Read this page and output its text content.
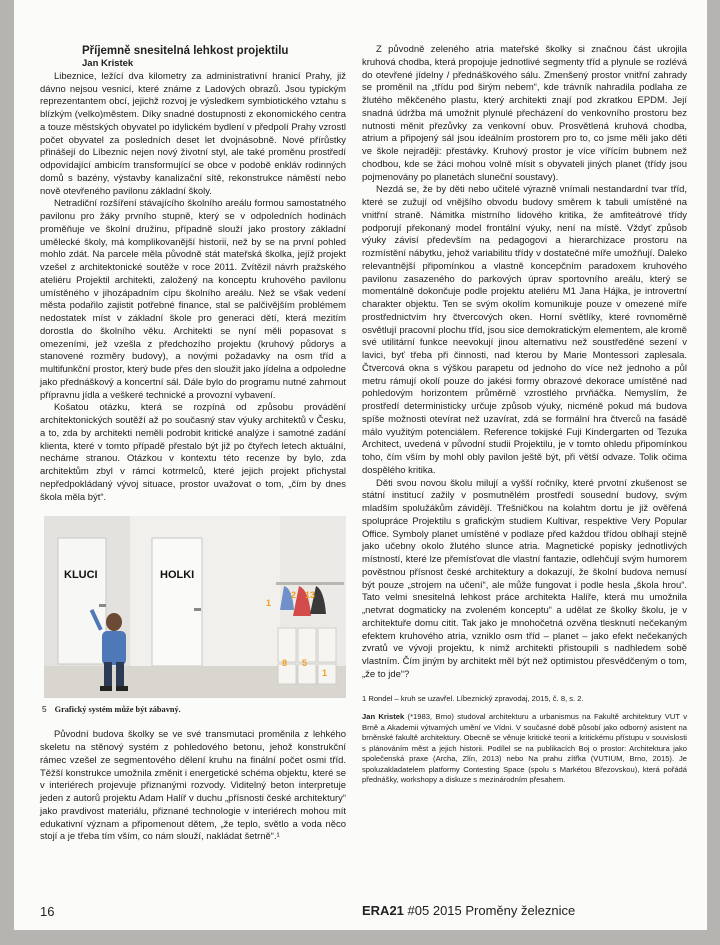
Příjemně snesitelná lehkost projektilu
Jan Kristek

Libeznice, ležící dva kilometry za administrativní hranicí Prahy, již dávno nejsou vesnicí, které známe z Ladových obrazů. Jsou typickým reprezentantem obcí, jejichž rozvoj je výsledkem symbiotického vztahu s blízkým (velko)městem. Díky snadné dostupnosti z ekonomického centra a touze městských obyvatel po idylickém bydlení v předpolí Prahy vzrostl počet obyvatel za posledních deset let dvojnásobně. Nové přírůstky přinášejí do Líbeznic nejen nový životní styl, ale také proměnu prostředí odpovídající ambicím transformující se obce v podobě enkláv rodinných domů s bazény, výstavby kanalizační sítě, rekonstrukce náměstí nebo nově otevřeného pavilonu základní školy.

Netradiční rozšíření stávajícího školního areálu formou samostatného pavilonu pro žáky prvního stupně, který se v odpoledních hodinách proměňuje ve školní družinu, případně slouží jako prostory základní umělecké školy, má komplikovanější historii, než by se na první pohled mohlo zdát. Na parcele měla původně stát mateřská školka, jejíž projekt vzešel z architektonické soutěže v roce 2011. Zvítězil návrh pražského ateliéru Projektil architekti, založený na konceptu kruhového pavilonu umístěného v jihozápadním cípu školního areálu. Než se však vedení města podařilo zajistit potřebné finance, stal se palčivějším problémem nedostatek míst v základní škole pro generaci dětí, která mezitím dorostla do školního věku. Architekti se nyní měli popasovat s omezeními, jež vzešla z předchozího projektu (kruhový půdorys a stanovené rozměry budovy), a novými požadavky na osm tříd a multifunkční prostor, který bude přes den sloužit jako jídelna a odpoledne jako přednáškový a koncertní sál. Dále bylo do programu nutné zahrnout přípravnu jídla a veškeré technické a provozní vybavení.

Košatou otázku, která se rozpíná od způsobu provádění architektonických soutěží až po současný stav výuky architektů v Česku, a to, zda by architekti neměli podrobit kritické analýze i samotné zadání klienta, které v tomto případě přestalo být již po čtyřech letech aktuální, necháme stranou. Otázkou v kontextu této recenze by bylo, zda architektům zbyl v rámci kotrmelců, které jejich projekt přichystal nepředpokládaný vývoj situace, prostor uvažovat o tom, „čím by dnes škola měla být“.

1
2 13
8 5
1
KLUCI	HOLKI
5 Grafický systém může být zábavný.

Původní budova školky se ve své transmutaci proměnila z lehkého skeletu na stěnový systém z pohledového betonu, jehož konstrukční rámec vzešel ze segmentového dělení kruhu na finální počet osmi tříd. Těžší konstrukce umožnila změnit i energetické schéma objektu, které se v interiérech projevuje přiznanými rozvody. Viditelný beton interpretuje jeden z autorů projektu Adam Halíř v duchu „přísnosti české architektury“ jako pravdivost materiálu, přiznané technologie v interiérech mohou mít edukativní význam a připomenout dětem, „že teplo, světlo a voda něco stojí a je třeba tím vším, co nám slouží, nakládat šetrně“.¹

Z původně zeleného atria mateřské školky si značnou část ukrojila kruhová chodba, která propojuje jednotlivé segmenty tříd a plynule se rozlévá do otevřené jídelny / přednáškového sálu. Zmenšený prostor vnitřní zahrady se proměnil na „třídu pod širým nebem“, kde trávník nahradila podlaha ze žlutého měkčeného plastu, který architekti znají pod zkratkou EPDM. Její snadná údržba má umožnit plynulé přecházení do venkovního prostoru bez nutnosti měnit přezůvky za venkovní obuv. Prosvětlená kruhová chodba, atrium a připojený sál jsou ideálním prostorem pro to, co jsme měli jako děti ve škole nejraději: přestávky. Kruhový prostor je více vířícím bubnem než chodbou, kde se žáci mohou volně mísit s obyvateli jiných planet (třídy jsou pojmenovány po planetách sluneční soustavy).

Nezdá se, že by děti nebo učitelé výrazně vnímali nestandardní tvar tříd, které se zužují od vnějšího obvodu budovy směrem k tabuli umístěné na vnitřní straně. Námitka mistrního lidového kritika, že amfiteátrové třídy podporují překonaný model frontální výuky, není na místě. Vždyť způsob výuky závisí především na pedagogovi a hierarchizace prostoru na rozmístění nábytku, jehož variabilitu třídy v dostatečné míře umožňují. Daleko relevantnější připomínkou a vlastně koncepčním paradoxem kruhového pavilonu zasazeného do parkových úprav sportovního areálu, který se momentálně dokončuje podle projektu ateliéru M1 Jana Hájka, je introvertní charakter objektu. Ten se svým okolím komunikuje pouze v omezené míře prostřednictvím hry čtvercových oken. Horní světlíky, které rovnoměrně osvětlují pracovní plochu tříd, jsou sice demokratickým elementem, ale kromě své utilitární funkce neevokují jinou alternativu než soustředěné sezení v lavici, byť třeba při činnosti, nad kterou by Marie Montessori zaplesala. Čtvercová okna s výškou parapetu od jednoho do více než jednoho a půl metru rámují okolí pouze do jakési formy obrazové dekorace umístěné nad pohledovým horizontem průměrně vzrostlého prvňáčka. Nemyslím, že prostředí deterministicky určuje způsob výuky, nicméně pokud má budova spíše možnosti otevírat než uzavírat, zdá se formální hra čtverců na fasádě málo využitým potenciálem. Reference tokijské Fuji Kindergarten od Tezuka Architect, uvedená v původní studii Projektilu, je v tomto ohledu připomínkou toho, čím vším by mohl obly pavilon ještě být, při větší odvaze. Tolik očima dospělého kritika.

Děti svou novou školu milují a vyšší ročníky, které prvotní zkušenost se státní institucí zažily v posmutnělém prostředí sousední budovy, svým mladším spolužákům závidějí. Třešničkou na kolahtm dortu je již ověřená spolupráce Projektilu s grafickým studiem Kultivar, respektive Very Popular Office. Symboly planet umístěné v podlaze před každou třídou oblhají stejně jako učebny okolo žlutého slunce atria. Magnetické popisky jednotlivých místností, které lze přemísťovat dle vlastní fantazie, odlehčují svým humorem pověstnou přísnost české architektury a dokazují, že školní budova nemusí být pouze „strojem na učení“, ale může fungovat i podle hesla „škola hrou“. Tato velmi snesitelná lehkost práce architekta Halíře, která mu umožnila „netvrat dogmaticky na zvoleném konceptu“ a udělat ze školky školu, je v architektuře domu citit. Tak jako je mnohočetná ozvěna tlesknutí nečekaným efektem kruhového atria, vzniklo osm tříd – planet – jako efekt nečekaných zvratů ve vývoji projektu, k nimž architekti přistoupili s nadhledem sobě vlastním. Čím jiným by architekt měl být než optimistou přesvědčeným o tom, „že to jde“?

1 Rondel – kruh se uzavřel. Líbeznický zpravodaj, 2015, č. 8, s. 2.

Jan Kristek (*1983, Brno) studoval architekturu a urbanismus na Fakultě architektury VUT v Brně a Akademii výtvarných umění ve Vídni. V současné době působí jako odborný asistent na brněnské fakultě architektury. Obecně se věnuje kritické teorii a kritickému přístupu v souvislosti s plánováním měst a jejich historii. Podílel se na publikacích Boj o prostor: Architektura jako společenská praxe (Archa, Zlín, 2013) nebo Na prahu zítřka (VUTIUM, Brno, 2015). Je spoluzakladatelem platformy Contesting Space (spolu s Markétou Březovskou), která pořádá přednášky, workshopy a diskuze s mezinárodním přesahem.

16	ERA21 #05 2015 Proměny železnice
